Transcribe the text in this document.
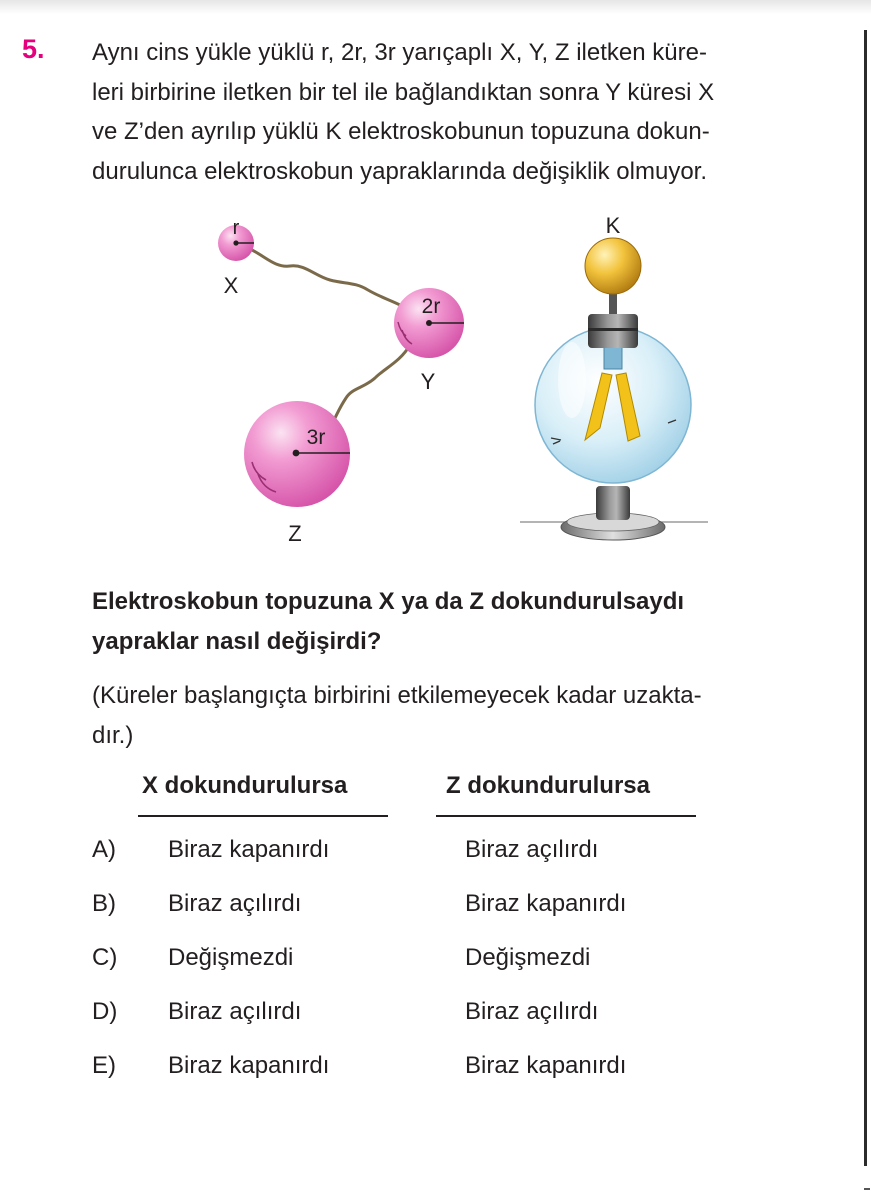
5. Aynı cins yükle yüklü r, 2r, 3r yarıçaplı X, Y, Z iletken küre-
leri birbirine iletken bir tel ile bağlandıktan sonra Y küresi X
ve Z’den ayrılıp yüklü K elektroskobunun topuzuna dokun-
durulunca elektroskobun yapraklarında değişiklik olmuyor.
r
X
2r
Y
3r
Z
K
Elektroskobun topuzuna X ya da Z dokundurulsaydı
yapraklar nasıl değişirdi?
(Küreler başlangıçta birbirini etkilemeyecek kadar uzakta-
dır.)
X dokundurulursa	Z dokundurulursa
A) Biraz kapanırdı	Biraz açılırdı
B) Biraz açılırdı	Biraz kapanırdı
C) Değişmezdi	Değişmezdi
D) Biraz açılırdı	Biraz açılırdı
E) Biraz kapanırdı	Biraz kapanırdı
